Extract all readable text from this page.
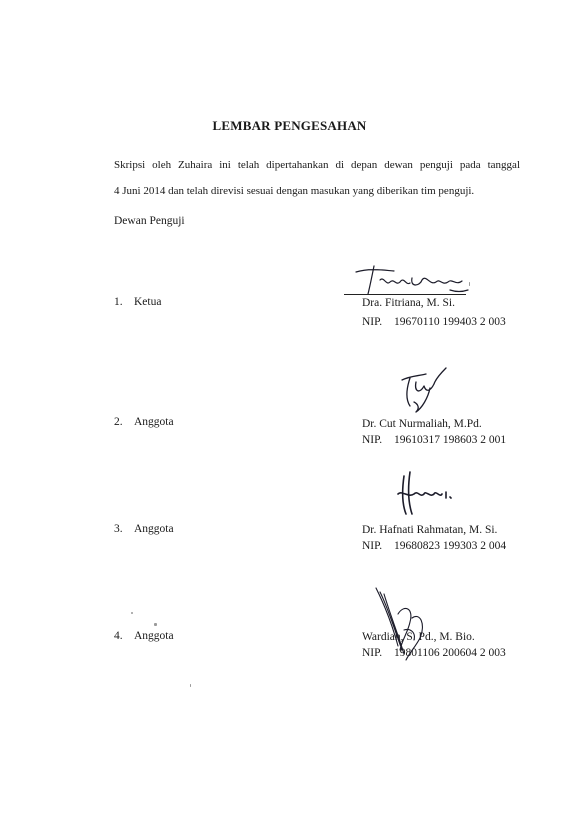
LEMBAR PENGESAHAN
Skripsi oleh Zuhaira ini telah dipertahankan di depan dewan penguji pada tanggal
4 Juni 2014 dan telah direvisi sesuai dengan masukan yang diberikan tim penguji.
Dewan Penguji
1. Ketua	Dra. Fitriana, M. Si.
NIP. 19670110 199403 2 003
2. Anggota	Dr. Cut Nurmaliah, M.Pd.
NIP. 19610317 198603 2 001
3. Anggota	Dr. Hafnati Rahmatan, M. Si.
NIP. 19680823 199303 2 004
4. Anggota	Wardiah, S. Pd., M. Bio.
NIP. 19801106 200604 2 003
